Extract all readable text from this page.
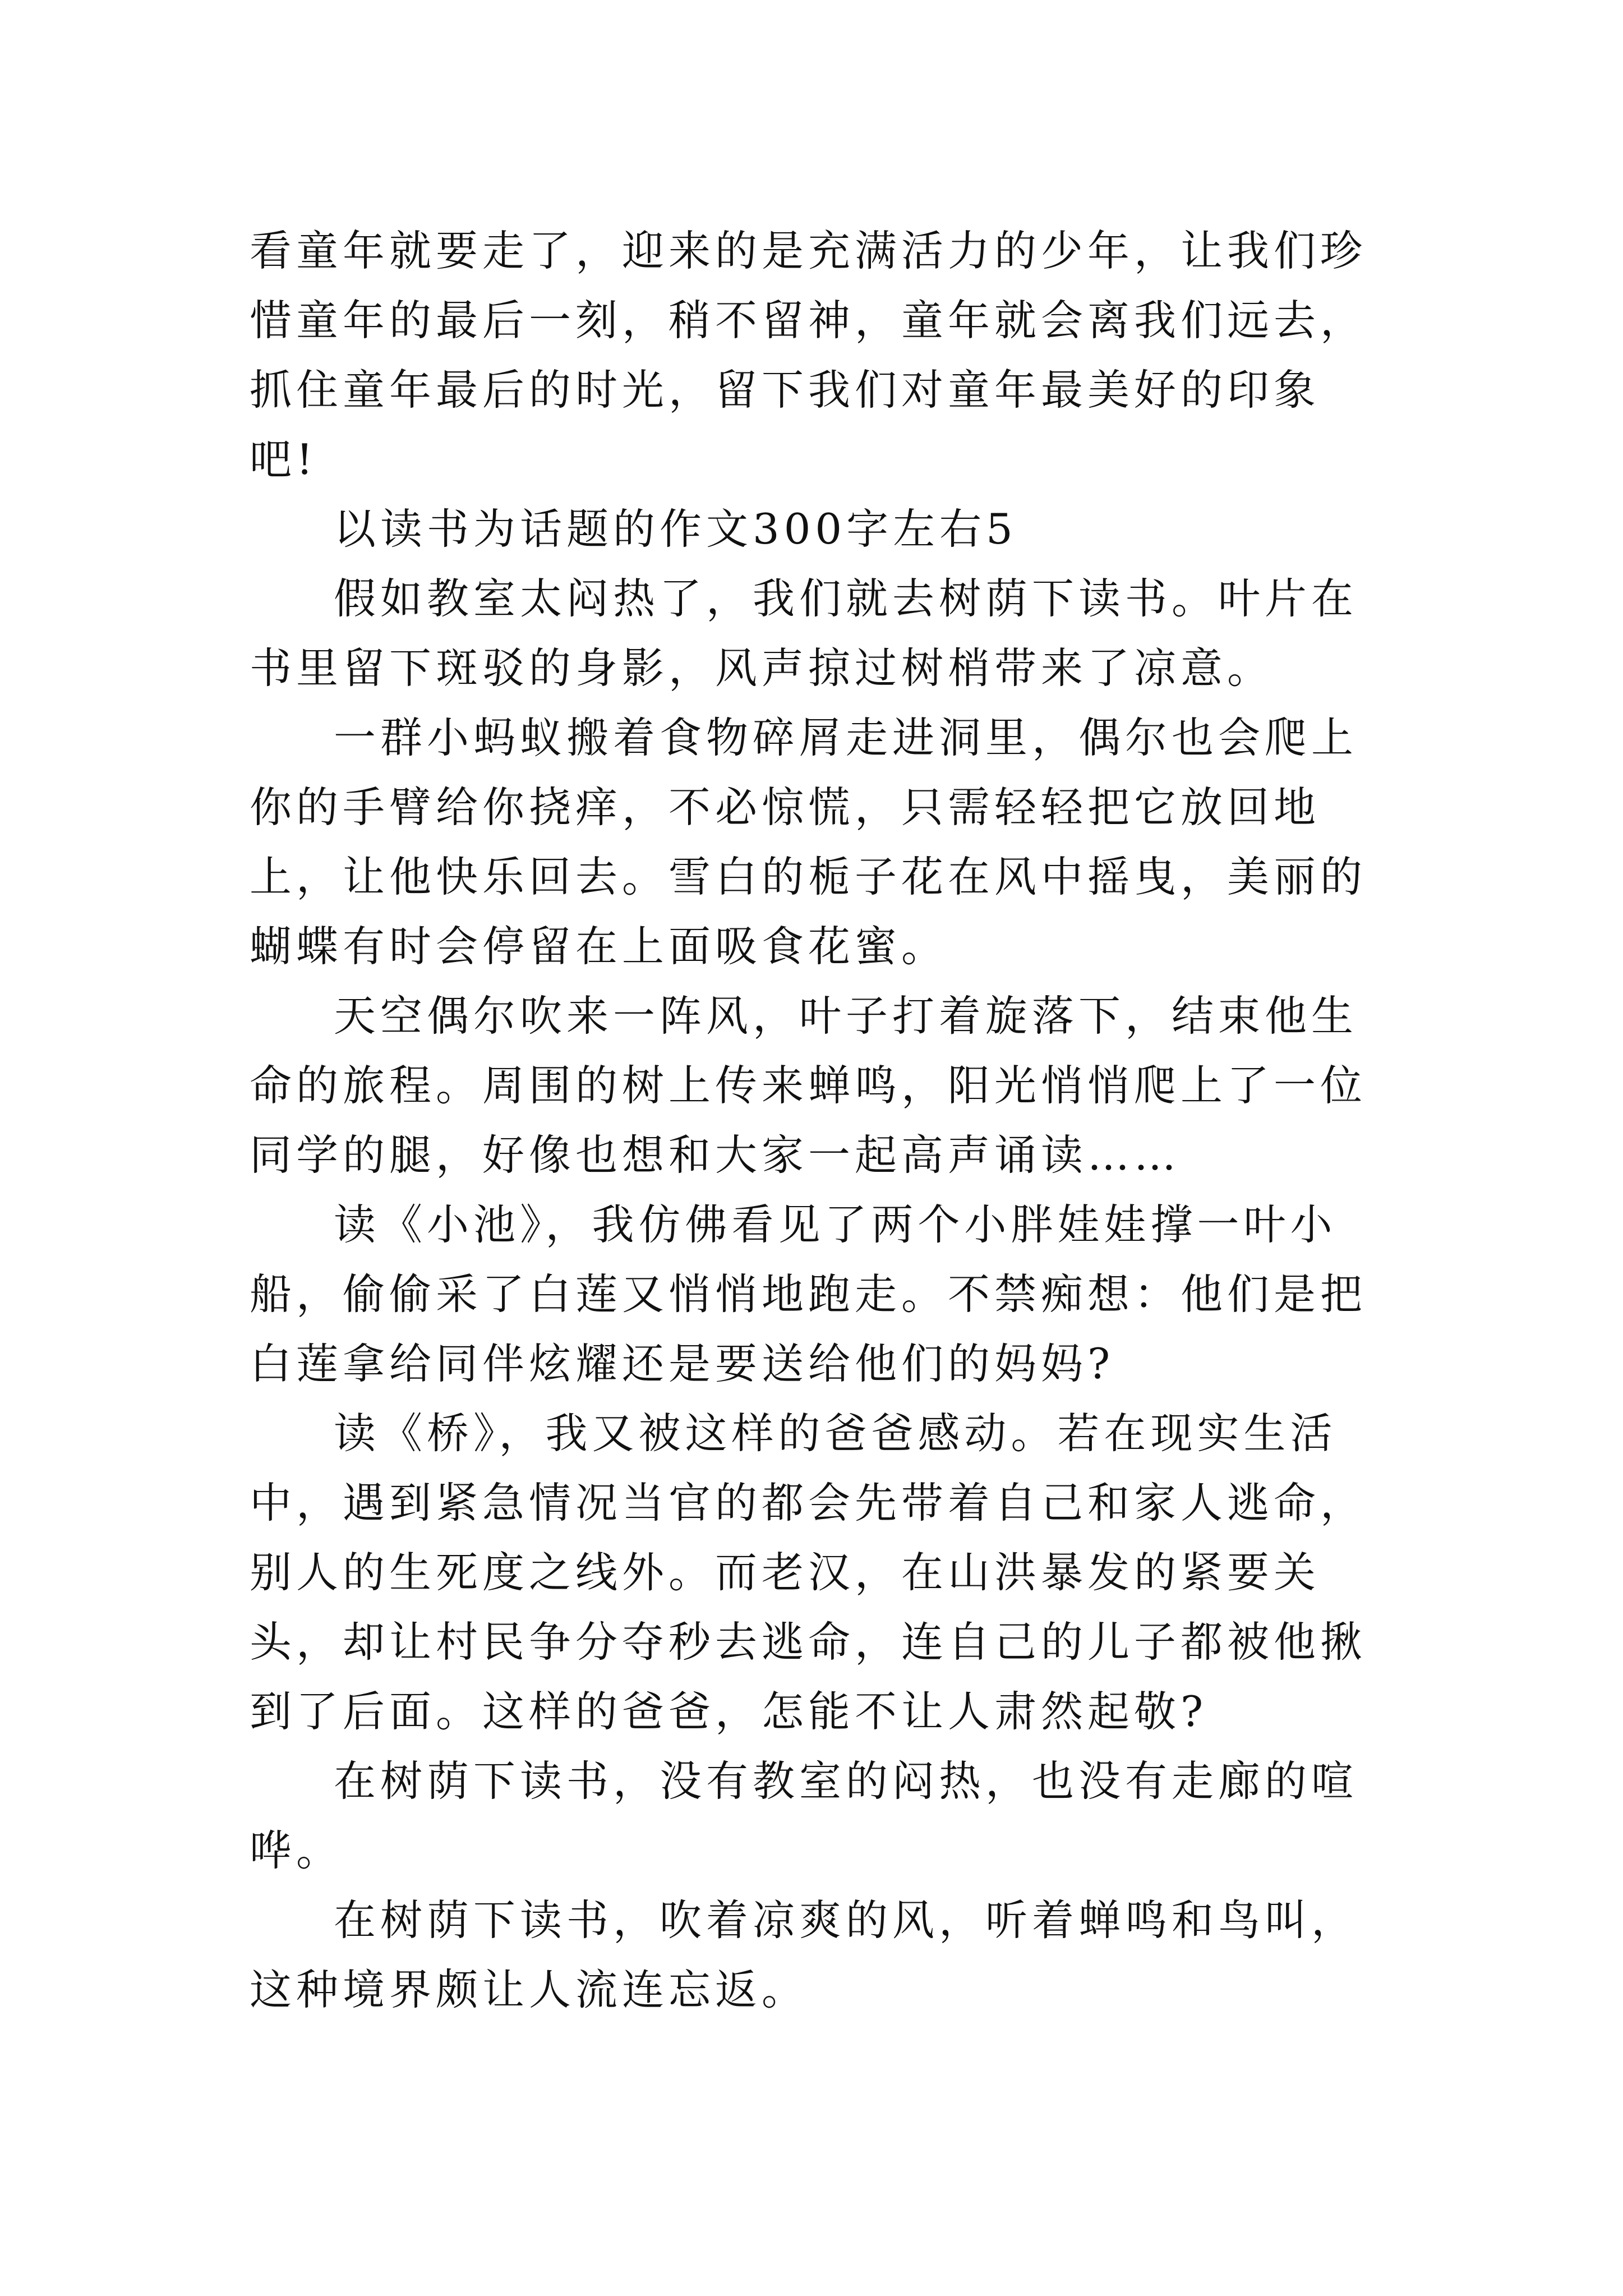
看童年就要走了，迎来的是充满活力的少年，让我们珍惜童年的最后一刻，稍不留神，童年就会离我们远去，抓住童年最后的时光，留下我们对童年最美好的印象吧!

以读书为话题的作文300字左右5

假如教室太闷热了，我们就去树荫下读书。叶片在书里留下斑驳的身影，风声掠过树梢带来了凉意。

一群小蚂蚁搬着食物碎屑走进洞里，偶尔也会爬上你的手臂给你挠痒，不必惊慌，只需轻轻把它放回地上，让他快乐回去。雪白的栀子花在风中摇曳，美丽的蝴蝶有时会停留在上面吸食花蜜。

天空偶尔吹来一阵风，叶子打着旋落下，结束他生命的旅程。周围的树上传来蝉鸣，阳光悄悄爬上了一位同学的腿，好像也想和大家一起高声诵读……

读《小池》，我仿佛看见了两个小胖娃娃撑一叶小船，偷偷采了白莲又悄悄地跑走。不禁痴想：他们是把白莲拿给同伴炫耀还是要送给他们的妈妈?

读《桥》，我又被这样的爸爸感动。若在现实生活中，遇到紧急情况当官的都会先带着自己和家人逃命，别人的生死度之线外。而老汉，在山洪暴发的紧要关头，却让村民争分夺秒去逃命，连自己的儿子都被他揪到了后面。这样的爸爸，怎能不让人肃然起敬?

在树荫下读书，没有教室的闷热，也没有走廊的喧哗。

在树荫下读书，吹着凉爽的风，听着蝉鸣和鸟叫，这种境界颇让人流连忘返。
